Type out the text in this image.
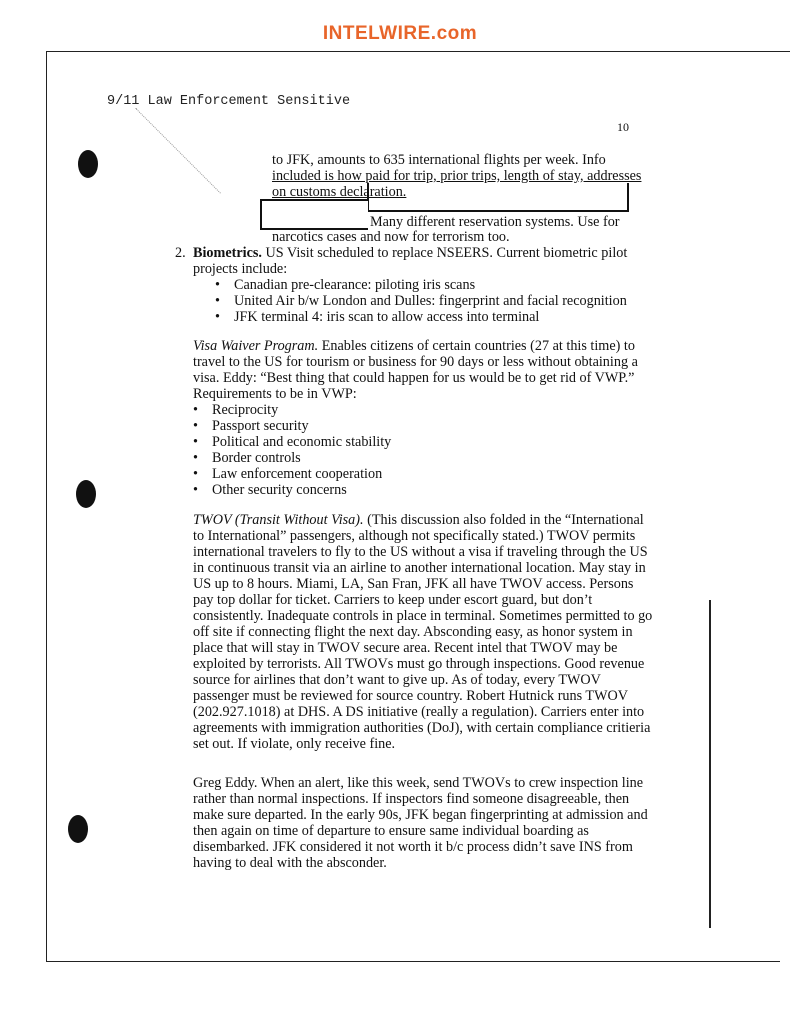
INTELWIRE.com
9/11 Law Enforcement Sensitive
10
to JFK, amounts to 635 international flights per week. Info
included is how paid for trip, prior trips, length of stay, addresses
on customs declaration.
Many different reservation systems. Use for
narcotics cases and now for terrorism too.
2. Biometrics. US Visit scheduled to replace NSEERS. Current biometric pilot
projects include:
• Canadian pre-clearance: piloting iris scans
• United Air b/w London and Dulles: fingerprint and facial recognition
• JFK terminal 4: iris scan to allow access into terminal
Visa Waiver Program. Enables citizens of certain countries (27 at this time) to
travel to the US for tourism or business for 90 days or less without obtaining a
visa. Eddy: “Best thing that could happen for us would be to get rid of VWP.”
Requirements to be in VWP:
• Reciprocity
• Passport security
• Political and economic stability
• Border controls
• Law enforcement cooperation
• Other security concerns
TWOV (Transit Without Visa). (This discussion also folded in the “International
to International” passengers, although not specifically stated.) TWOV permits
international travelers to fly to the US without a visa if traveling through the US
in continuous transit via an airline to another international location. May stay in
US up to 8 hours. Miami, LA, San Fran, JFK all have TWOV access. Persons
pay top dollar for ticket. Carriers to keep under escort guard, but don’t
consistently. Inadequate controls in place in terminal. Sometimes permitted to go
off site if connecting flight the next day. Absconding easy, as honor system in
place that will stay in TWOV secure area. Recent intel that TWOV may be
exploited by terrorists. All TWOVs must go through inspections. Good revenue
source for airlines that don’t want to give up. As of today, every TWOV
passenger must be reviewed for source country. Robert Hutnick runs TWOV
(202.927.1018) at DHS. A DS initiative (really a regulation). Carriers enter into
agreements with immigration authorities (DoJ), with certain compliance critieria
set out. If violate, only receive fine.
Greg Eddy. When an alert, like this week, send TWOVs to crew inspection line
rather than normal inspections. If inspectors find someone disagreeable, then
make sure departed. In the early 90s, JFK began fingerprinting at admission and
then again on time of departure to ensure same individual boarding as
disembarked. JFK considered it not worth it b/c process didn’t save INS from
having to deal with the absconder.
